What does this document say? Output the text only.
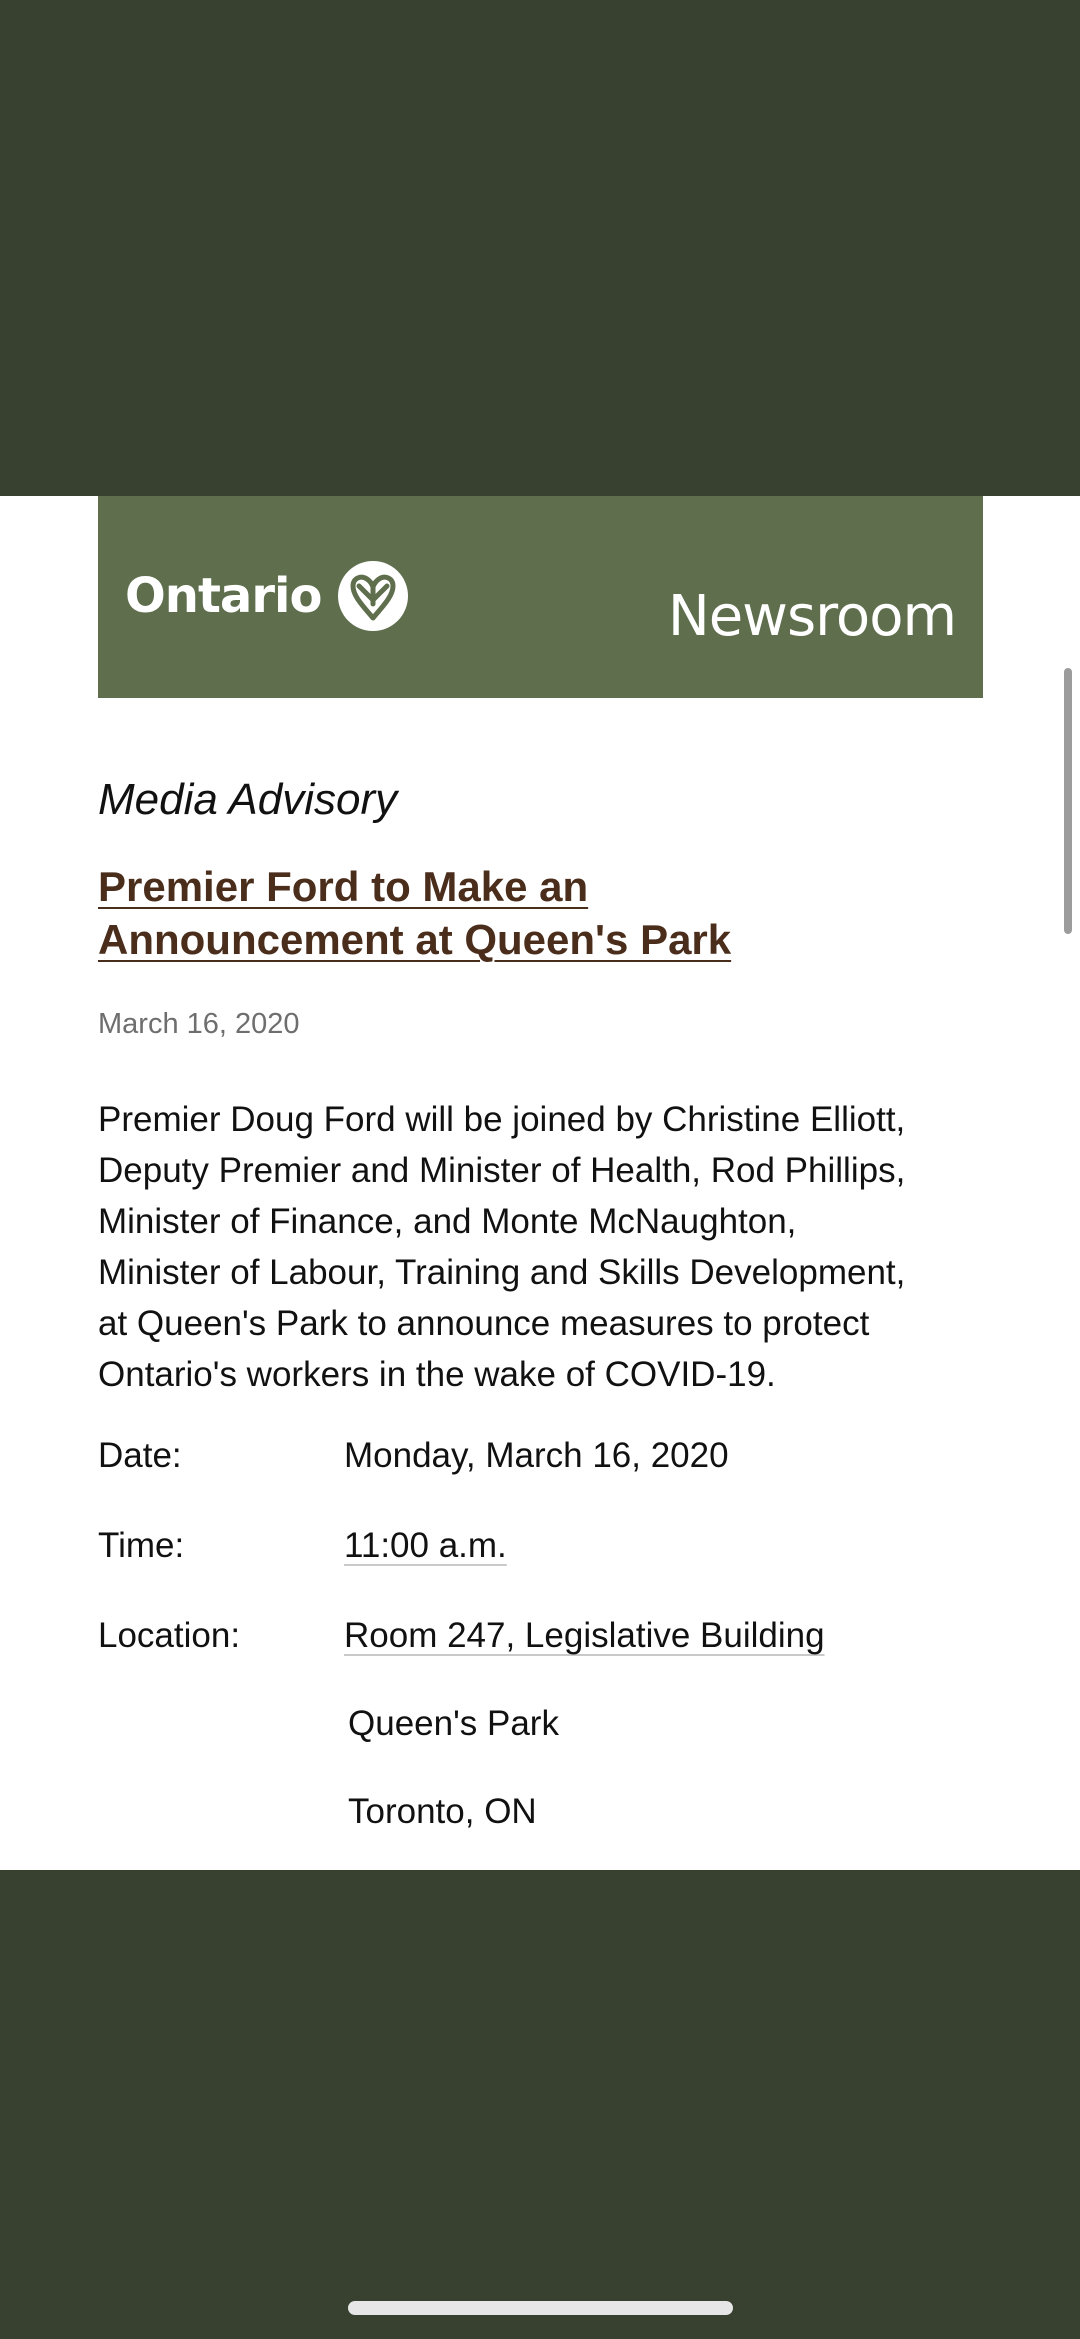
Ontario	Newsroom

Media Advisory

Premier Ford to Make an
Announcement at Queen's Park
March 16, 2020

Premier Doug Ford will be joined by Christine Elliott,
Deputy Premier and Minister of Health, Rod Phillips,
Minister of Finance, and Monte McNaughton,
Minister of Labour, Training and Skills Development,
at Queen's Park to announce measures to protect
Ontario's workers in the wake of COVID-19.

Date:	Monday, March 16, 2020
Time:	11:00 a.m.
Location:	Room 247, Legislative Building
Queen's Park
Toronto, ON
